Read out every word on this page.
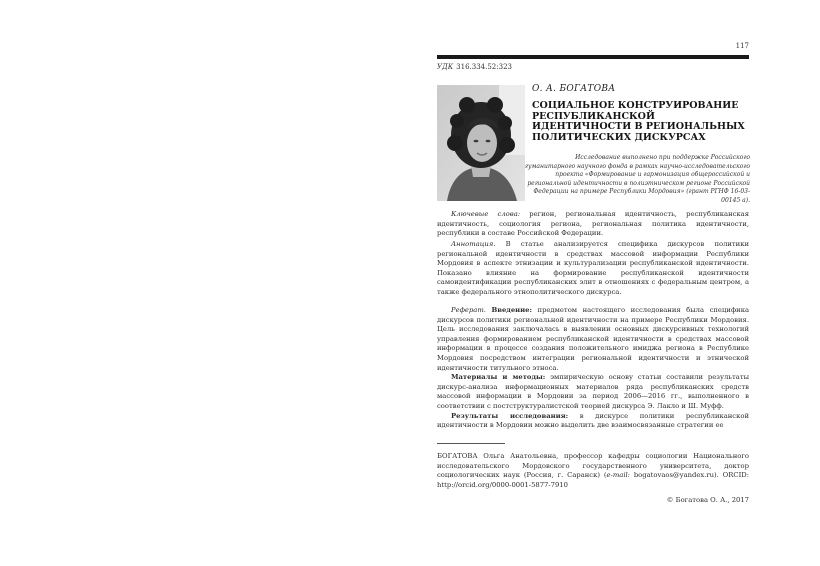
117
УДК 316.334.52:323
О. А. БОГАТОВА
СОЦИАЛЬНОЕ КОНСТРУИРОВАНИЕ РЕСПУБЛИКАНСКОЙ ИДЕНТИЧНОСТИ В РЕГИОНАЛЬНЫХ ПОЛИТИЧЕСКИХ ДИСКУРСАХ

Исследование выполнено при поддержке Российского гуманитарного научного фонда в рамках научно-исследовательского проекта «Формирование и гармонизация общероссийской и региональной идентичности в полиэтническом регионе Российской Федерации на примере Республики Мордовия» (грант РГНФ 16-03-00145 а).

Ключевые слова: регион, региональная идентичность, республиканская идентичность, социология региона, региональная политика идентичности, республики в составе Российской Федерации.

Аннотация. В статье анализируется специфика дискурсов политики региональной идентичности в средствах массовой информации Республики Мордовия в аспекте этнизации и культурализации республиканской идентичности. Показано влияние на формирование республиканской идентичности самоидентификации республиканских элит в отношениях с федеральным центром, а также федерального этнополитического дискурса.

Реферат. Введение: предметом настоящего исследования была специфика дискурсов политики региональной идентичности на примере Республики Мордовия. Цель исследования заключалась в выявлении основных дискурсивных технологий управления формированием республиканской идентичности в средствах массовой информации в процессе создания положительного имиджа региона в Республике Мордовия посредством интеграции региональной идентичности и этнической идентичности титульного этноса.

Материалы и методы: эмпирическую основу статьи составили результаты дискурс-анализа информационных материалов ряда республиканских средств массовой информации в Мордовии за период 2006—2016 гг., выполненного в соответствии с постструктуралистской теорией дискурса Э. Лакло и Ш. Муфф.

Результаты исследования: в дискурсе политики республиканской идентичности в Мордовии можно выделить две взаимосвязанные стратегии ее

БОГАТОВА Ольга Анатольевна, профессор кафедры социологии Национального исследовательского Мордовского государственного университета, доктор социологических наук (Россия, г. Саранск) (e-mail: bogatovaos@yandex.ru). ORCID: http://orcid.org/0000-0001-5877-7910

© Богатова О. А., 2017
